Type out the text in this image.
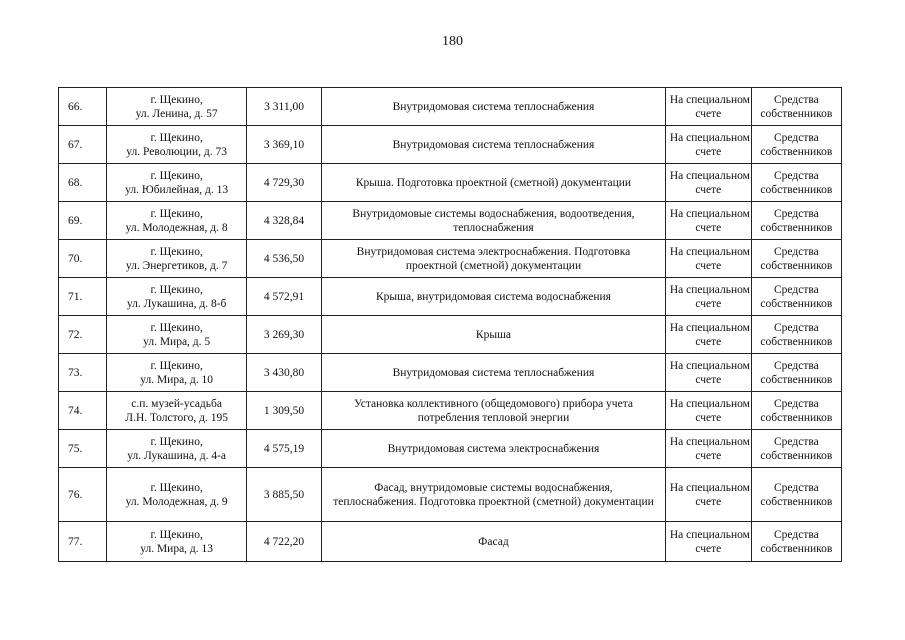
180
66.	г. Щекино,
ул. Ленина, д. 57	3 311,00	Внутридомовая система теплоснабжения	На специальном
счете	Средства
собственников

67.	г. Щекино,
ул. Революции, д. 73	3 369,10	Внутридомовая система теплоснабжения	На специальном
счете	Средства
собственников

68.	г. Щекино,
ул. Юбилейная, д. 13	4 729,30	Крыша. Подготовка проектной (сметной) документации	На специальном
счете	Средства
собственников

69.	г. Щекино,
ул. Молодежная, д. 8	4 328,84	Внутридомовые системы водоснабжения, водоотведения,
теплоснабжения	На специальном
счете	Средства
собственников

70.	г. Щекино,
ул. Энергетиков, д. 7	4 536,50	Внутридомовая система электроснабжения. Подготовка
проектной (сметной) документации	На специальном
счете	Средства
собственников

71.	г. Щекино,
ул. Лукашина, д. 8-б	4 572,91	Крыша, внутридомовая система водоснабжения	На специальном
счете	Средства
собственников

72.	г. Щекино,
ул. Мира, д. 5	3 269,30	Крыша	На специальном
счете	Средства
собственников

73.	г. Щекино,
ул. Мира, д. 10	3 430,80	Внутридомовая система теплоснабжения	На специальном
счете	Средства
собственников

74.	с.п. музей-усадьба
Л.Н. Толстого, д. 195	1 309,50	Установка коллективного (общедомового) прибора учета
потребления тепловой энергии	На специальном
счете	Средства
собственников

75.	г. Щекино,
ул. Лукашина, д. 4-а	4 575,19	Внутридомовая система электроснабжения	На специальном
счете	Средства
собственников

76.	г. Щекино,
ул. Молодежная, д. 9	3 885,50	Фасад, внутридомовые системы водоснабжения,
теплоснабжения. Подготовка проектной (сметной) документации	На специальном
счете	Средства
собственников

77.	г. Щекино,
ул. Мира, д. 13	4 722,20	Фасад	На специальном
счете	Средства
собственников
